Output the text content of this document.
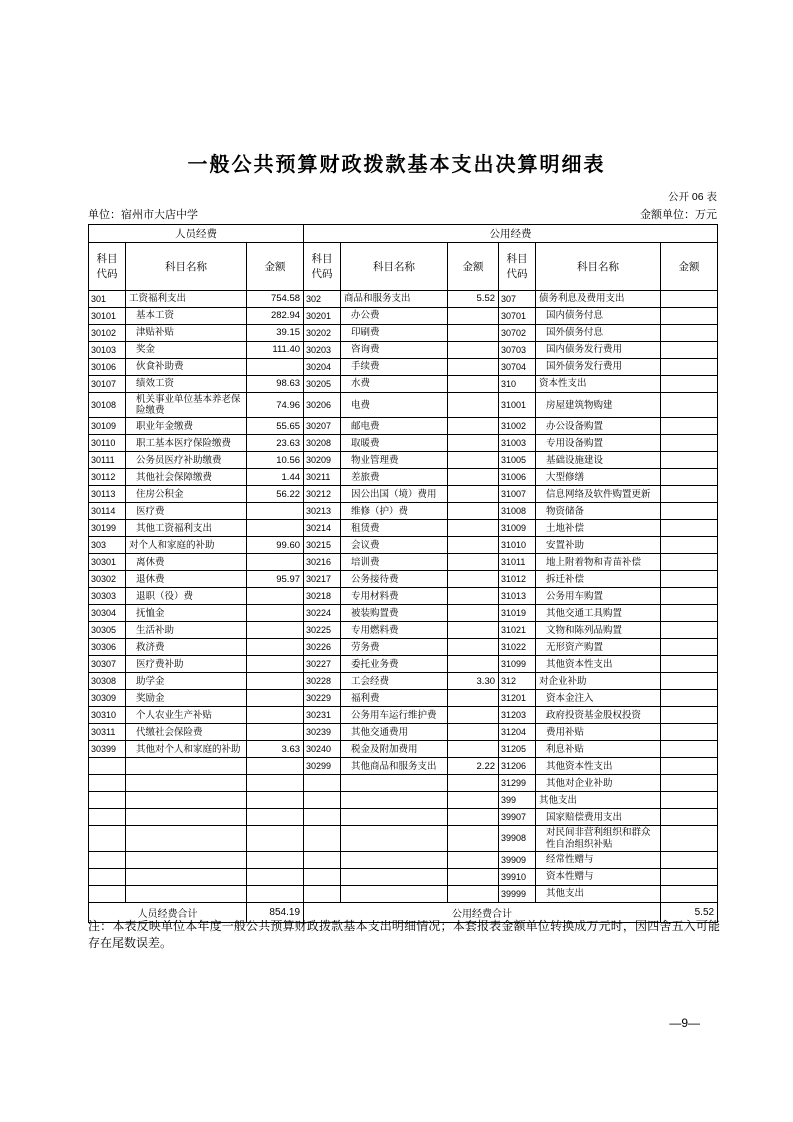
一般公共预算财政拨款基本支出决算明细表
公开 06 表
单位：宿州市大店中学	金额单位：万元
人员经费			公用经费					
科目代码	科目名称	金额	科目代码	科目名称	金额	科目代码	科目名称	金额
301	工资福利支出	754.58	302	商品和服务支出	5.52	307	债务利息及费用支出	
30101	基本工资	282.94	30201	办公费		30701	国内债务付息	
30102	津贴补贴	39.15	30202	印刷费		30702	国外债务付息	
30103	奖金	111.40	30203	咨询费		30703	国内债务发行费用	
30106	伙食补助费		30204	手续费		30704	国外债务发行费用	
30107	绩效工资	98.63	30205	水费		310	资本性支出	
30108	机关事业单位基本养老保险缴费	74.96	30206	电费		31001	房屋建筑物购建	
30109	职业年金缴费	55.65	30207	邮电费		31002	办公设备购置	
30110	职工基本医疗保险缴费	23.63	30208	取暖费		31003	专用设备购置	
30111	公务员医疗补助缴费	10.56	30209	物业管理费		31005	基础设施建设	
30112	其他社会保障缴费	1.44	30211	差旅费		31006	大型修缮	
30113	住房公积金	56.22	30212	因公出国（境）费用		31007	信息网络及软件购置更新	
30114	医疗费		30213	维修（护）费		31008	物资储备	
30199	其他工资福利支出		30214	租赁费		31009	土地补偿	
303	对个人和家庭的补助	99.60	30215	会议费		31010	安置补助	
30301	离休费		30216	培训费		31011	地上附着物和青苗补偿	
30302	退休费	95.97	30217	公务接待费		31012	拆迁补偿	
30303	退职（役）费		30218	专用材料费		31013	公务用车购置	
30304	抚恤金		30224	被装购置费		31019	其他交通工具购置	
30305	生活补助		30225	专用燃料费		31021	文物和陈列品购置	
30306	救济费		30226	劳务费		31022	无形资产购置	
30307	医疗费补助		30227	委托业务费		31099	其他资本性支出	
30308	助学金		30228	工会经费	3.30	312	对企业补助	
30309	奖励金		30229	福利费		31201	资本金注入	
30310	个人农业生产补贴		30231	公务用车运行维护费		31203	政府投资基金股权投资	
30311	代缴社会保险费		30239	其他交通费用		31204	费用补贴	
30399	其他对个人和家庭的补助	3.63	30240	税金及附加费用		31205	利息补贴	
			30299	其他商品和服务支出	2.22	31206	其他资本性支出	
						31299	其他对企业补助	
						399	其他支出	
						39907	国家赔偿费用支出	
						39908	对民间非营利组织和群众性自治组织补贴	
						39909	经常性赠与	
						39910	资本性赠与	
						39999	其他支出	
人员经费合计		854.19	公用经费合计					5.52
注：本表反映单位本年度一般公共预算财政拨款基本支出明细情况；本套报表金额单位转换成万元时，因四舍五入可能存在尾数误差。
—9—
